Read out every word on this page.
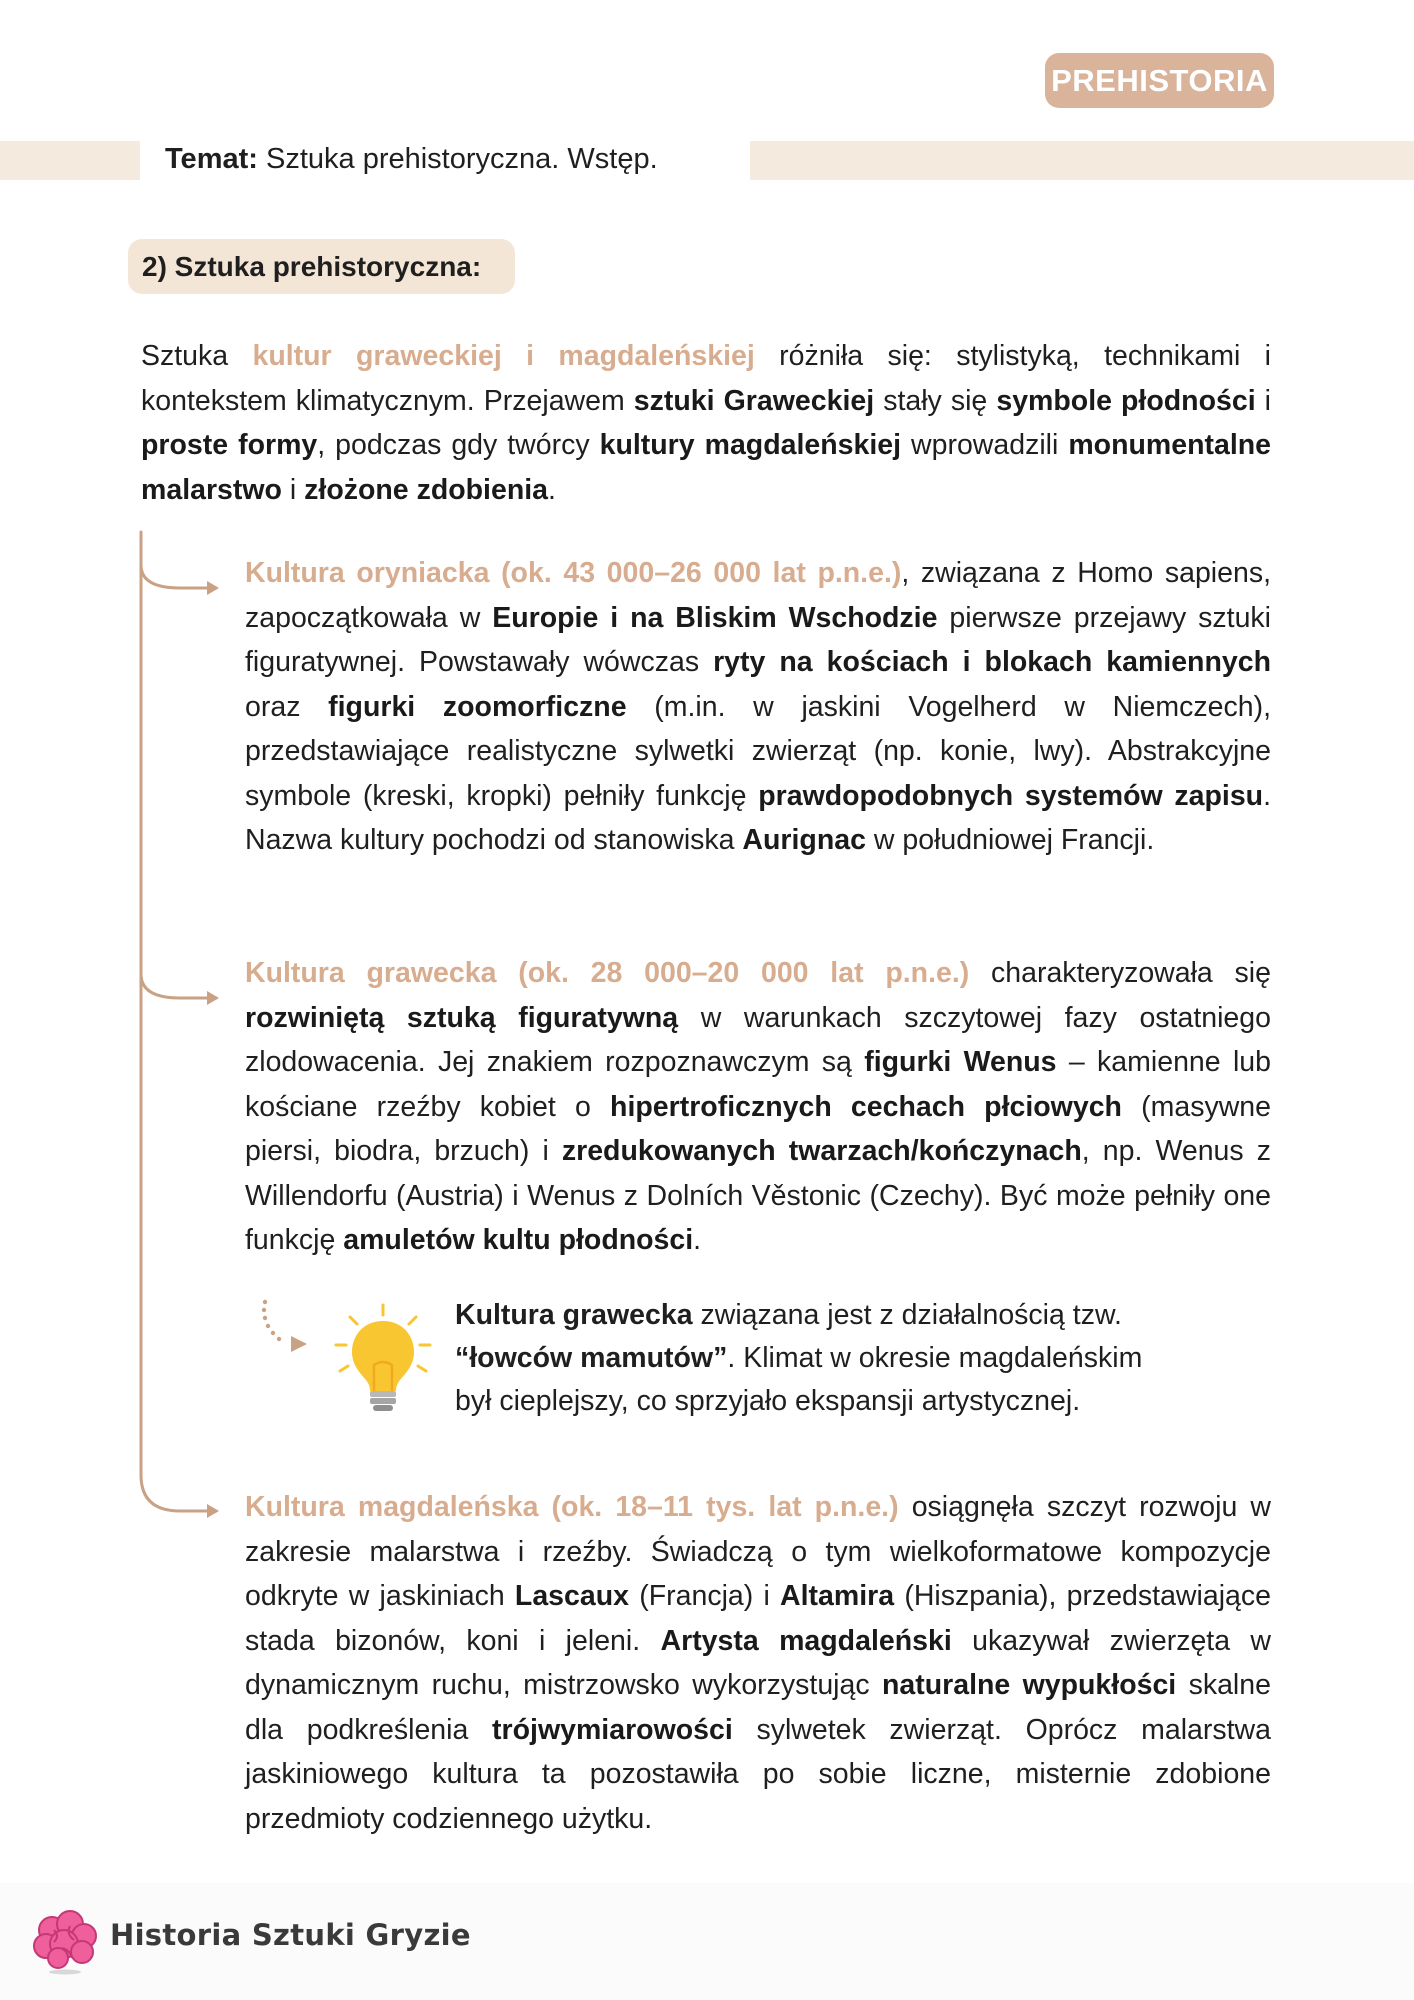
PREHISTORIA
Temat: Sztuka prehistoryczna. Wstęp.
2) Sztuka prehistoryczna:
Sztuka kultur graweckiej i magdaleńskiej różniła się: stylistyką, technikami i kontekstem klimatycznym. Przejawem sztuki Graweckiej stały się symbole płodności i proste formy, podczas gdy twórcy kultury magdaleńskiej wprowadzili monumentalne malarstwo i złożone zdobienia.
Kultura oryniacka (ok. 43 000–26 000 lat p.n.e.), związana z Homo sapiens, zapoczątkowała w Europie i na Bliskim Wschodzie pierwsze przejawy sztuki figuratywnej. Powstawały wówczas ryty na kościach i blokach kamiennych oraz figurki zoomorficzne (m.in. w jaskini Vogelherd w Niemczech), przedstawiające realistyczne sylwetki zwierząt (np. konie, lwy). Abstrakcyjne symbole (kreski, kropki) pełniły funkcję prawdopodobnych systemów zapisu. Nazwa kultury pochodzi od stanowiska Aurignac w południowej Francji.
Kultura grawecka (ok. 28 000–20 000 lat p.n.e.) charakteryzowała się rozwiniętą sztuką figuratywną w warunkach szczytowej fazy ostatniego zlodowacenia. Jej znakiem rozpoznawczym są figurki Wenus – kamienne lub kościane rzeźby kobiet o hipertroficznych cechach płciowych (masywne piersi, biodra, brzuch) i zredukowanych twarzach/kończynach, np. Wenus z Willendorfu (Austria) i Wenus z Dolních Věstonic (Czechy). Być może pełniły one funkcję amuletów kultu płodności.
Kultura grawecka związana jest z działalnością tzw.
“łowców mamutów”. Klimat w okresie magdaleńskim
był cieplejszy, co sprzyjało ekspansji artystycznej.
Kultura magdaleńska (ok. 18–11 tys. lat p.n.e.) osiągnęła szczyt rozwoju w zakresie malarstwa i rzeźby. Świadczą o tym wielkoformatowe kompozycje odkryte w jaskiniach Lascaux (Francja) i Altamira (Hiszpania), przedstawiające stada bizonów, koni i jeleni. Artysta magdaleński ukazywał zwierzęta w dynamicznym ruchu, mistrzowsko wykorzystując naturalne wypukłości skalne dla podkreślenia trójwymiarowości sylwetek zwierząt. Oprócz malarstwa jaskiniowego kultura ta pozostawiła po sobie liczne, misternie zdobione przedmioty codziennego użytku.
Historia Sztuki Gryzie
